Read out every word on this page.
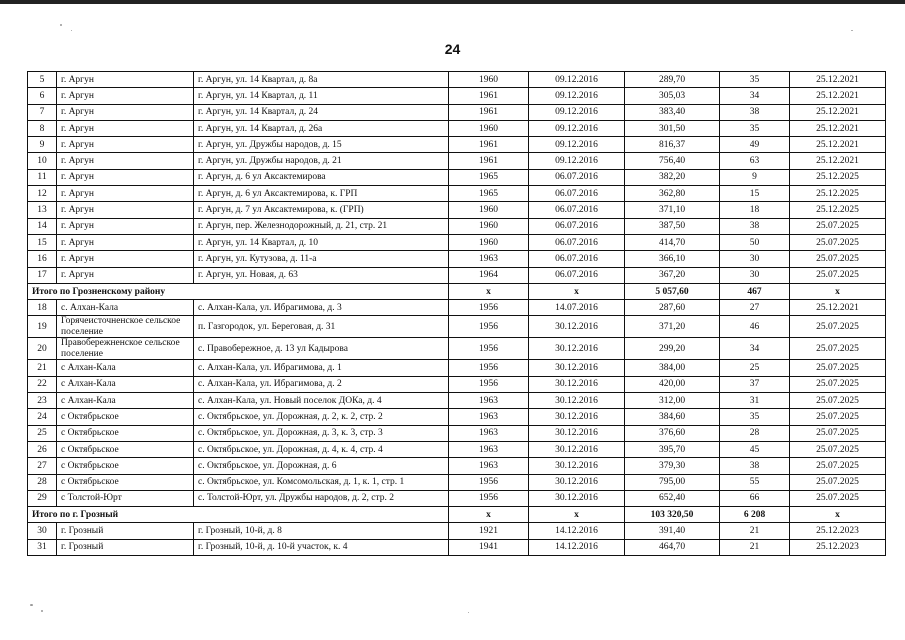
24
5	г. Аргун	г. Аргун, ул. 14 Квартал, д. 8а	1960	09.12.2016	289,70	35	25.12.2021
6	г. Аргун	г. Аргун, ул. 14 Квартал, д. 11	1961	09.12.2016	305,03	34	25.12.2021
7	г. Аргун	г. Аргун, ул. 14 Квартал, д. 24	1961	09.12.2016	383,40	38	25.12.2021
8	г. Аргун	г. Аргун, ул. 14 Квартал, д. 26а	1960	09.12.2016	301,50	35	25.12.2021
9	г. Аргун	г. Аргун, ул. Дружбы народов, д. 15	1961	09.12.2016	816,37	49	25.12.2021
10	г. Аргун	г. Аргун, ул. Дружбы народов, д. 21	1961	09.12.2016	756,40	63	25.12.2021
11	г. Аргун	г. Аргун, д. 6 ул Аксактемирова	1965	06.07.2016	382,20	9	25.12.2025
12	г. Аргун	г. Аргун, д. 6 ул Аксактемирова, к. ГРП	1965	06.07.2016	362,80	15	25.12.2025
13	г. Аргун	г. Аргун, д. 7 ул Аксактемирова, к. (ГРП)	1960	06.07.2016	371,10	18	25.12.2025
14	г. Аргун	г. Аргун, пер. Железнодорожный, д. 21, стр. 21	1960	06.07.2016	387,50	38	25.07.2025
15	г. Аргун	г. Аргун, ул. 14 Квартал, д. 10	1960	06.07.2016	414,70	50	25.07.2025
16	г. Аргун	г. Аргун, ул. Кутузова, д. 11-а	1963	06.07.2016	366,10	30	25.07.2025
17	г. Аргун	г. Аргун, ул. Новая, д. 63	1964	06.07.2016	367,20	30	25.07.2025
Итого по Грозненскому району			x	x	5 057,60	467	x
18	с. Алхан-Кала	с. Алхан-Кала, ул. Ибрагимова, д. 3	1956	14.07.2016	287,60	27	25.12.2021
19	Горячеисточненское сельское поселение	п. Газгородок, ул. Береговая, д. 31	1956	30.12.2016	371,20	46	25.07.2025
20	Правобережненское сельское поселение	с. Правобережное, д. 13 ул Кадырова	1956	30.12.2016	299,20	34	25.07.2025
21	с Алхан-Кала	с. Алхан-Кала, ул. Ибрагимова, д. 1	1956	30.12.2016	384,00	25	25.07.2025
22	с Алхан-Кала	с. Алхан-Кала, ул. Ибрагимова, д. 2	1956	30.12.2016	420,00	37	25.07.2025
23	с Алхан-Кала	с. Алхан-Кала, ул. Новый поселок ДОКа, д. 4	1963	30.12.2016	312,00	31	25.07.2025
24	с Октябрьское	с. Октябрьское, ул. Дорожная, д. 2, к. 2, стр. 2	1963	30.12.2016	384,60	35	25.07.2025
25	с Октябрьское	с. Октябрьское, ул. Дорожная, д. 3, к. 3, стр. 3	1963	30.12.2016	376,60	28	25.07.2025
26	с Октябрьское	с. Октябрьское, ул. Дорожная, д. 4, к. 4, стр. 4	1963	30.12.2016	395,70	45	25.07.2025
27	с Октябрьское	с. Октябрьское, ул. Дорожная, д. 6	1963	30.12.2016	379,30	38	25.07.2025
28	с Октябрьское	с. Октябрьское, ул. Комсомольская, д. 1, к. 1, стр. 1	1956	30.12.2016	795,00	55	25.07.2025
29	с Толстой-Юрт	с. Толстой-Юрт, ул. Дружбы народов, д. 2, стр. 2	1956	30.12.2016	652,40	66	25.07.2025
Итого по г. Грозный			x	x	103 320,50	6 208	x
30	г. Грозный	г. Грозный, 10-й, д. 8	1921	14.12.2016	391,40	21	25.12.2023
31	г. Грозный	г. Грозный, 10-й, д. 10-й участок, к. 4	1941	14.12.2016	464,70	21	25.12.2023
